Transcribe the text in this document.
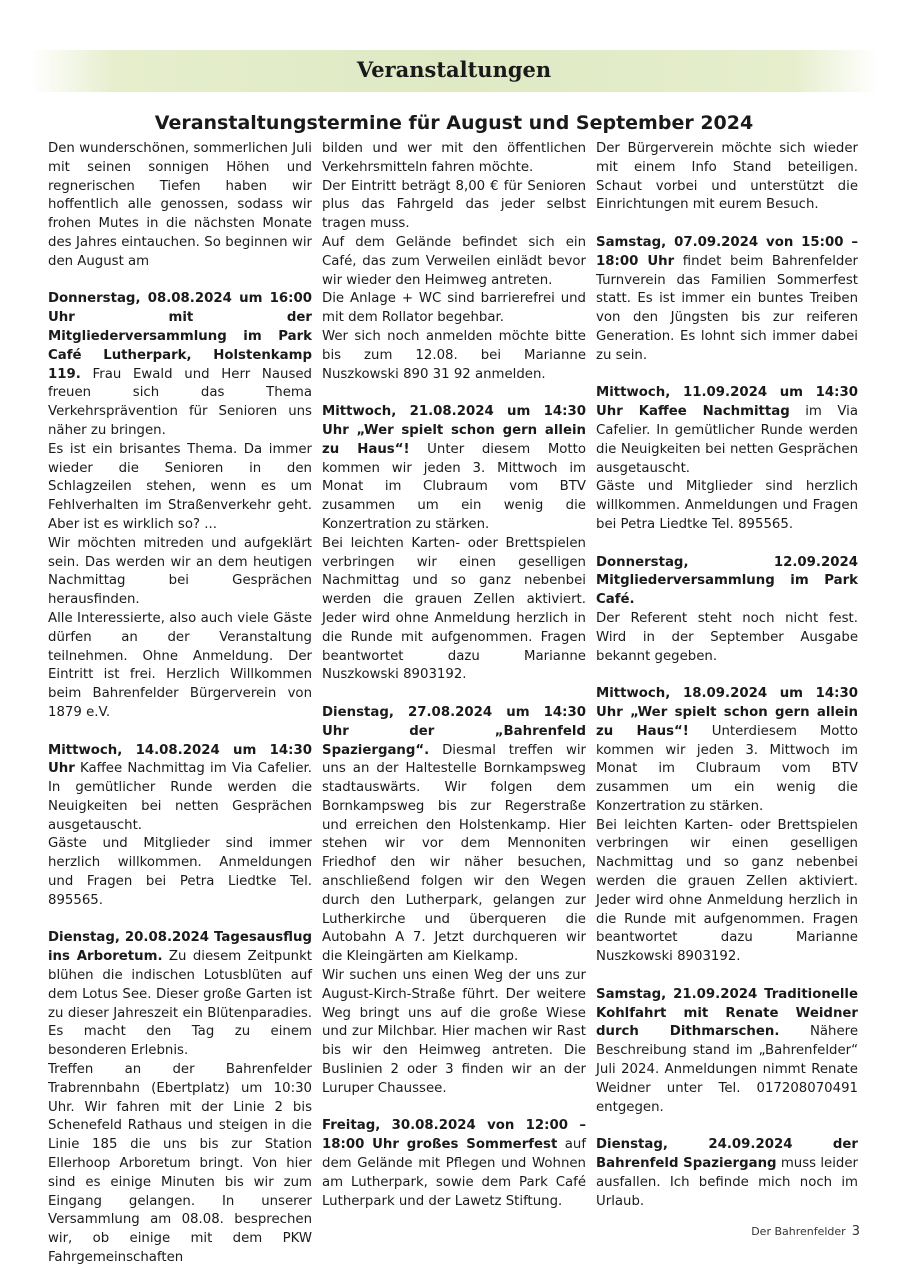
Veranstaltungen
Veranstaltungstermine für August und September 2024

Den wunderschönen, sommerlichen Juli mit seinen sonnigen Höhen und regnerischen Tiefen haben wir hoffentlich alle genossen, sodass wir frohen Mutes in die nächsten Monate des Jahres eintauchen. So beginnen wir den August am

Donnerstag, 08.08.2024 um 16:00 Uhr mit der Mitgliederversammlung im Park Café Lutherpark, Holstenkamp 119. Frau Ewald und Herr Naused freuen sich das Thema Verkehrsprävention für Senioren uns näher zu bringen.

Es ist ein brisantes Thema. Da immer wieder die Senioren in den Schlagzeilen stehen, wenn es um Fehlverhalten im Straßenverkehr geht. Aber ist es wirklich so? ...

Wir möchten mitreden und aufgeklärt sein. Das werden wir an dem heutigen Nachmittag bei Gesprächen herausfinden.

Alle Interessierte, also auch viele Gäste dürfen an der Veranstaltung teilnehmen. Ohne Anmeldung. Der Eintritt ist frei. Herzlich Willkommen beim Bahrenfelder Bürgerverein von 1879 e.V.

Mittwoch, 14.08.2024 um 14:30 Uhr Kaffee Nachmittag im Via Cafelier. In gemütlicher Runde werden die Neuigkeiten bei netten Gesprächen ausgetauscht.

Gäste und Mitglieder sind immer herzlich willkommen. Anmeldungen und Fragen bei Petra Liedtke Tel. 895565.

Dienstag, 20.08.2024 Tagesausflug ins Arboretum. Zu diesem Zeitpunkt blühen die indischen Lotusblüten auf dem Lotus See. Dieser große Garten ist zu dieser Jahreszeit ein Blütenparadies. Es macht den Tag zu einem besonderen Erlebnis.

Treffen an der Bahrenfelder Trabrennbahn (Ebertplatz) um 10:30 Uhr. Wir fahren mit der Linie 2 bis Schenefeld Rathaus und steigen in die Linie 185 die uns bis zur Station Ellerhoop Arboretum bringt. Von hier sind es einige Minuten bis wir zum Eingang gelangen. In unserer Versammlung am 08.08. besprechen wir, ob einige mit dem PKW Fahrgemeinschaften

bilden und wer mit den öffentlichen Verkehrsmitteln fahren möchte.

Der Eintritt beträgt 8,00 € für Senioren plus das Fahrgeld das jeder selbst tragen muss.

Auf dem Gelände befindet sich ein Café, das zum Verweilen einlädt bevor wir wieder den Heimweg antreten.

Die Anlage + WC sind barrierefrei und mit dem Rollator begehbar.

Wer sich noch anmelden möchte bitte bis zum 12.08. bei Marianne Nuszkowski 890 31 92 anmelden.

Mittwoch, 21.08.2024 um 14:30 Uhr „Wer spielt schon gern allein zu Haus“! Unter diesem Motto kommen wir jeden 3. Mittwoch im Monat im Clubraum vom BTV zusammen um ein wenig die Konzertration zu stärken.

Bei leichten Karten- oder Brettspielen verbringen wir einen geselligen Nachmittag und so ganz nebenbei werden die grauen Zellen aktiviert. Jeder wird ohne Anmeldung herzlich in die Runde mit aufgenommen. Fragen beantwortet dazu Marianne Nuszkowski 8903192.

Dienstag, 27.08.2024 um 14:30 Uhr der „Bahrenfeld Spaziergang“. Diesmal treffen wir uns an der Haltestelle Bornkampsweg stadtauswärts. Wir folgen dem Bornkampsweg bis zur Regerstraße und erreichen den Holstenkamp. Hier stehen wir vor dem Mennoniten Friedhof den wir näher besuchen, anschließend folgen wir den Wegen durch den Lutherpark, gelangen zur Lutherkirche und überqueren die Autobahn A 7. Jetzt durchqueren wir die Kleingärten am Kielkamp.

Wir suchen uns einen Weg der uns zur August-Kirch-Straße führt. Der weitere Weg bringt uns auf die große Wiese und zur Milchbar. Hier machen wir Rast bis wir den Heimweg antreten. Die Buslinien 2 oder 3 finden wir an der Luruper Chaussee.

Freitag, 30.08.2024 von 12:00 – 18:00 Uhr großes Sommerfest auf dem Gelände mit Pflegen und Wohnen am Lutherpark, sowie dem Park Café Lutherpark und der Lawetz Stiftung.

Der Bürgerverein möchte sich wieder mit einem Info Stand beteiligen. Schaut vorbei und unterstützt die Einrichtungen mit eurem Besuch.

Samstag, 07.09.2024 von 15:00 – 18:00 Uhr findet beim Bahrenfelder Turnverein das Familien Sommerfest statt. Es ist immer ein buntes Treiben von den Jüngsten bis zur reiferen Generation. Es lohnt sich immer dabei zu sein.

Mittwoch, 11.09.2024 um 14:30 Uhr Kaffee Nachmittag im Via Cafelier. In gemütlicher Runde werden die Neuigkeiten bei netten Gesprächen ausgetauscht.

Gäste und Mitglieder sind herzlich willkommen. Anmeldungen und Fragen bei Petra Liedtke Tel. 895565.

Donnerstag, 12.09.2024 Mitgliederversammlung im Park Café.

Der Referent steht noch nicht fest. Wird in der September Ausgabe bekannt gegeben.

Mittwoch, 18.09.2024 um 14:30 Uhr „Wer spielt schon gern allein zu Haus“! Unterdiesem Motto kommen wir jeden 3. Mittwoch im Monat im Clubraum vom BTV zusammen um ein wenig die Konzertration zu stärken.

Bei leichten Karten- oder Brettspielen verbringen wir einen geselligen Nachmittag und so ganz nebenbei werden die grauen Zellen aktiviert. Jeder wird ohne Anmeldung herzlich in die Runde mit aufgenommen. Fragen beantwortet dazu Marianne Nuszkowski 8903192.

Samstag, 21.09.2024 Traditionelle Kohlfahrt mit Renate Weidner durch Dithmarschen. Nähere Beschreibung stand im „Bahrenfelder“ Juli 2024. Anmeldungen nimmt Renate Weidner unter Tel. 017208070491 entgegen.

Dienstag, 24.09.2024 der Bahrenfeld Spaziergang muss leider ausfallen. Ich befinde mich noch im Urlaub.

Der Bahrenfelder 3
